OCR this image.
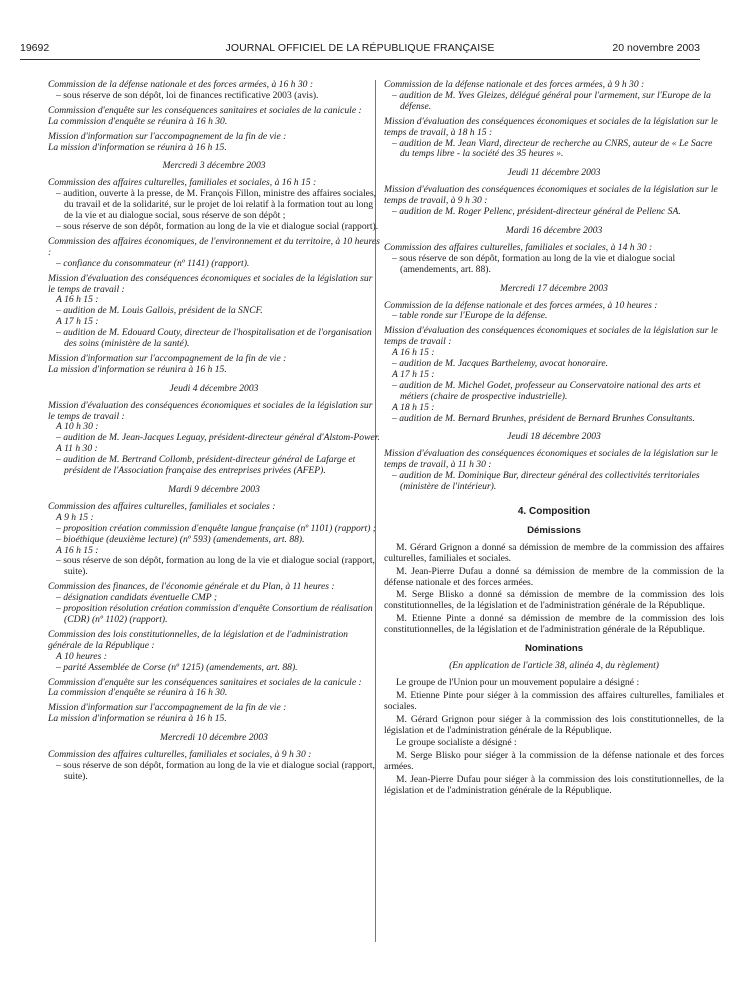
19692	JOURNAL OFFICIEL DE LA RÉPUBLIQUE FRANÇAISE	20 novembre 2003
Commission de la défense nationale et des forces armées, à 16 h 30 :
– sous réserve de son dépôt, loi de finances rectificative 2003 (avis).
Commission d'enquête sur les conséquences sanitaires et sociales de la canicule :
La commission d'enquête se réunira à 16 h 30.
Mission d'information sur l'accompagnement de la fin de vie :
La mission d'information se réunira à 16 h 15.
Mercredi 3 décembre 2003
Commission des affaires culturelles, familiales et sociales, à 16 h 15 :
– audition, ouverte à la presse, de M. François Fillon, ministre des affaires sociales, du travail et de la solidarité, sur le projet de loi relatif à la formation tout au long de la vie et au dialogue social, sous réserve de son dépôt ;
– sous réserve de son dépôt, formation au long de la vie et dialogue social (rapport).
Commission des affaires économiques, de l'environnement et du territoire, à 10 heures :
– confiance du consommateur (nº 1141) (rapport).
Mission d'évaluation des conséquences économiques et sociales de la législation sur le temps de travail :
A 16 h 15 :
– audition de M. Louis Gallois, président de la SNCF.
A 17 h 15 :
– audition de M. Edouard Couty, directeur de l'hospitalisation et de l'organisation des soins (ministère de la santé).
Mission d'information sur l'accompagnement de la fin de vie :
La mission d'information se réunira à 16 h 15.
Jeudi 4 décembre 2003
Mission d'évaluation des conséquences économiques et sociales de la législation sur le temps de travail :
A 10 h 30 :
– audition de M. Jean-Jacques Leguay, président-directeur général d'Alstom-Power.
A 11 h 30 :
– audition de M. Bertrand Collomb, président-directeur général de Lafarge et président de l'Association française des entreprises privées (AFEP).
Mardi 9 décembre 2003
Commission des affaires culturelles, familiales et sociales :
A 9 h 15 :
– proposition création commission d'enquête langue française (nº 1101) (rapport) ;
– bioéthique (deuxième lecture) (nº 593) (amendements, art. 88).
A 16 h 15 :
– sous réserve de son dépôt, formation au long de la vie et dialogue social (rapport, suite).
Commission des finances, de l'économie générale et du Plan, à 11 heures :
– désignation candidats éventuelle CMP ;
– proposition résolution création commission d'enquête Consortium de réalisation (CDR) (nº 1102) (rapport).
Commission des lois constitutionnelles, de la législation et de l'administration générale de la République :
A 10 heures :
– parité Assemblée de Corse (nº 1215) (amendements, art. 88).
Commission d'enquête sur les conséquences sanitaires et sociales de la canicule :
La commission d'enquête se réunira à 16 h 30.
Mission d'information sur l'accompagnement de la fin de vie :
La mission d'information se réunira à 16 h 15.
Mercredi 10 décembre 2003
Commission des affaires culturelles, familiales et sociales, à 9 h 30 :
– sous réserve de son dépôt, formation au long de la vie et dialogue social (rapport, suite).
Commission de la défense nationale et des forces armées, à 9 h 30 :
– audition de M. Yves Gleizes, délégué général pour l'armement, sur l'Europe de la défense.
Mission d'évaluation des conséquences économiques et sociales de la législation sur le temps de travail, à 18 h 15 :
– audition de M. Jean Viard, directeur de recherche au CNRS, auteur de « Le Sacre du temps libre - la société des 35 heures ».
Jeudi 11 décembre 2003
Mission d'évaluation des conséquences économiques et sociales de la législation sur le temps de travail, à 9 h 30 :
– audition de M. Roger Pellenc, président-directeur général de Pellenc SA.
Mardi 16 décembre 2003
Commission des affaires culturelles, familiales et sociales, à 14 h 30 :
– sous réserve de son dépôt, formation au long de la vie et dialogue social (amendements, art. 88).
Mercredi 17 décembre 2003
Commission de la défense nationale et des forces armées, à 10 heures :
– table ronde sur l'Europe de la défense.
Mission d'évaluation des conséquences économiques et sociales de la législation sur le temps de travail :
A 16 h 15 :
– audition de M. Jacques Barthelemy, avocat honoraire.
A 17 h 15 :
– audition de M. Michel Godet, professeur au Conservatoire national des arts et métiers (chaire de prospective industrielle).
A 18 h 15 :
– audition de M. Bernard Brunhes, président de Bernard Brunhes Consultants.
Jeudi 18 décembre 2003
Mission d'évaluation des conséquences économiques et sociales de la législation sur le temps de travail, à 11 h 30 :
– audition de M. Dominique Bur, directeur général des collectivités territoriales (ministère de l'intérieur).
4. Composition
Démissions
M. Gérard Grignon a donné sa démission de membre de la commission des affaires culturelles, familiales et sociales.
M. Jean-Pierre Dufau a donné sa démission de membre de la commission de la défense nationale et des forces armées.
M. Serge Blisko a donné sa démission de membre de la commission des lois constitutionnelles, de la législation et de l'administration générale de la République.
M. Etienne Pinte a donné sa démission de membre de la commission des lois constitutionnelles, de la législation et de l'administration générale de la République.
Nominations
(En application de l'article 38, alinéa 4, du règlement)
Le groupe de l'Union pour un mouvement populaire a désigné :
M. Etienne Pinte pour siéger à la commission des affaires culturelles, familiales et sociales.
M. Gérard Grignon pour siéger à la commission des lois constitutionnelles, de la législation et de l'administration générale de la République.
Le groupe socialiste a désigné :
M. Serge Blisko pour siéger à la commission de la défense nationale et des forces armées.
M. Jean-Pierre Dufau pour siéger à la commission des lois constitutionnelles, de la législation et de l'administration générale de la République.
